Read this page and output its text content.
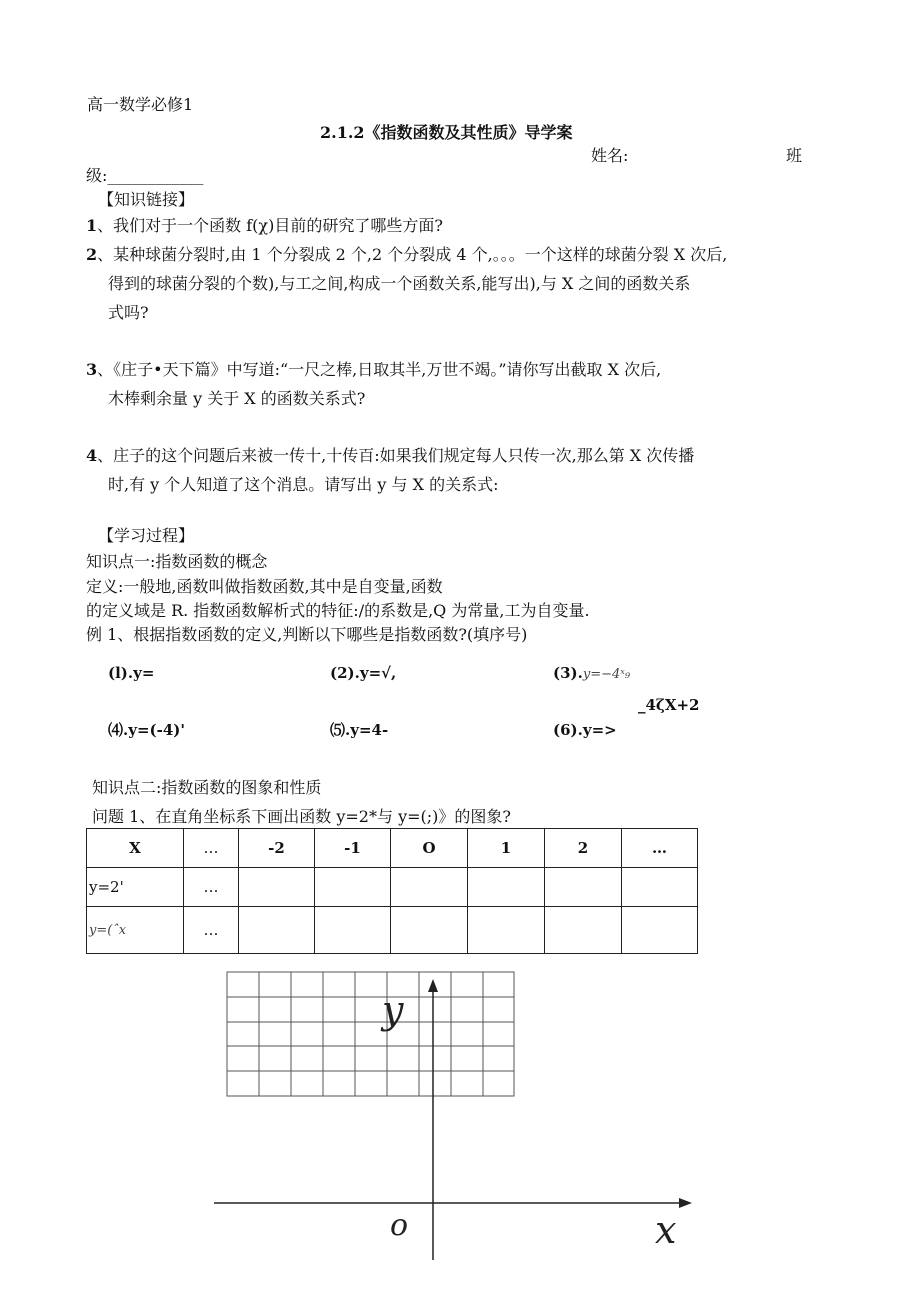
高一数学必修1
2.1.2《指数函数及其性质》导学案
姓名:	班
级:____________
【知识链接】
1、我们对于一个函数 f(χ)目前的研究了哪些方面?
2、某种球菌分裂时,由 1 个分裂成 2 个,2 个分裂成 4 个,。。。一个这样的球菌分裂 X 次后,
得到的球菌分裂的个数),与工之间,构成一个函数关系,能写出),与 X 之间的函数关系
式吗?
3、《庄子•天下篇》中写道:“一尺之棒,日取其半,万世不竭。”请你写出截取 X 次后,
木棒剩余量 y 关于 X 的函数关系式?
4、庄子的这个问题后来被一传十,十传百:如果我们规定每人只传一次,那么第 X 次传播
时,有 y 个人知道了这个消息。请写出 y 与 X 的关系式:
【学习过程】
知识点一:指数函数的概念
定义:一般地,函数叫做指数函数,其中是自变量,函数
的定义域是 R. 指数函数解析式的特征:/的系数是,Q 为常量,工为自变量.
例 1、根据指数函数的定义,判断以下哪些是指数函数?(填序号)
(l).y=	(2).y=√,	(3).y=−4ˣ₉
_4ζX+2
⑷.y=(-4)'	⑸.y=4-	(6).y=>
知识点二:指数函数的图象和性质
问题 1、在直角坐标系下画出函数 y=2*与 y=(;)》的图象?
X	…	-2	-1	O	1	2	…
y=2'	…						
y=(ˆx	…						
y
x
o
